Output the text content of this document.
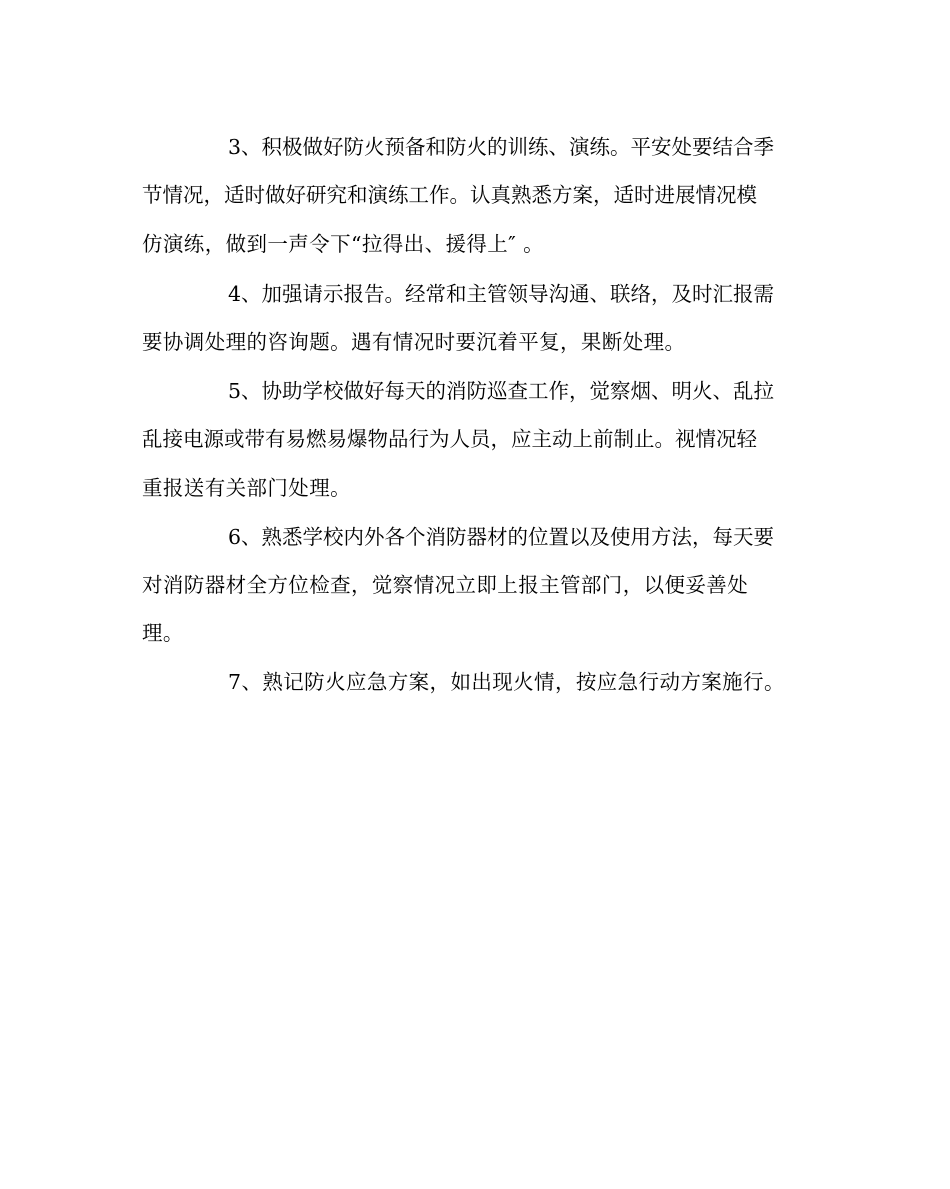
3、积极做好防火预备和防火的训练、演练。平安处要结合季
节情况，适时做好研究和演练工作。认真熟悉方案，适时进展情况模
仿演练，做到一声令下“拉得出、援得上″ 。
4、加强请示报告。经常和主管领导沟通、联络，及时汇报需
要协调处理的咨询题。遇有情况时要沉着平复，果断处理。
5、协助学校做好每天的消防巡查工作，觉察烟、明火、乱拉
乱接电源或带有易燃易爆物品行为人员，应主动上前制止。视情况轻
重报送有关部门处理。
6、熟悉学校内外各个消防器材的位置以及使用方法，每天要
对消防器材全方位检查，觉察情况立即上报主管部门，以便妥善处
理。
7、熟记防火应急方案，如出现火情，按应急行动方案施行。
